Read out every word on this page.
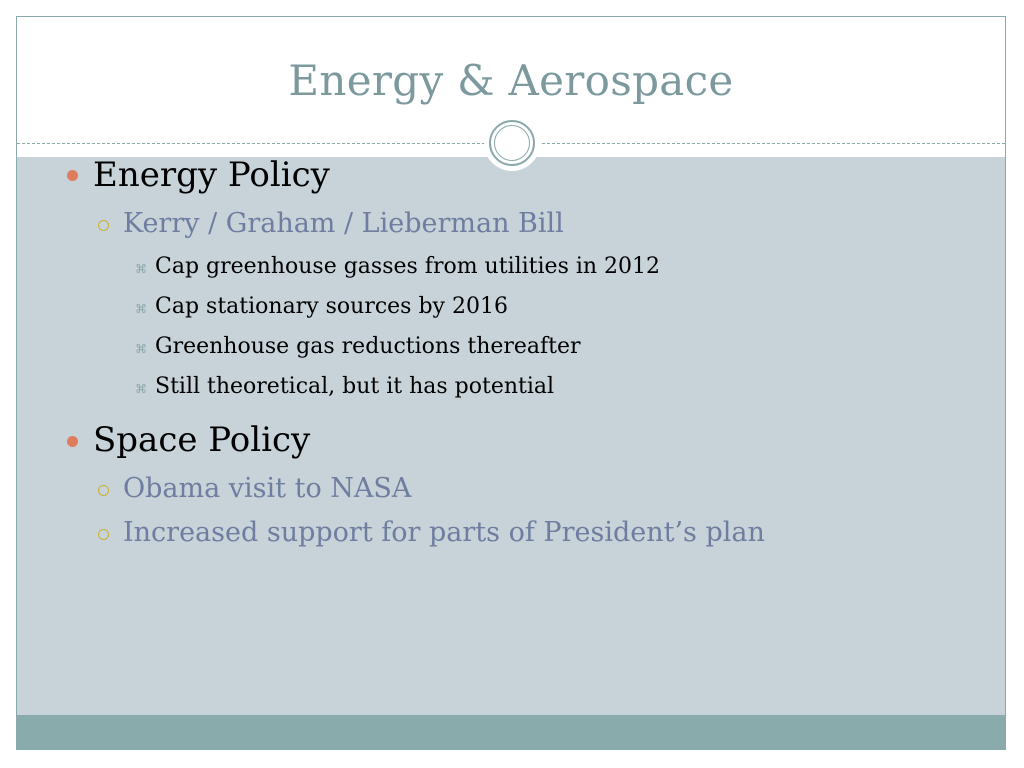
Energy & Aerospace
Energy Policy
Kerry / Graham / Lieberman Bill
⌘ Cap greenhouse gasses from utilities in 2012
⌘ Cap stationary sources by 2016
⌘ Greenhouse gas reductions thereafter
⌘ Still theoretical, but it has potential
Space Policy
Obama visit to NASA
Increased support for parts of President’s plan
